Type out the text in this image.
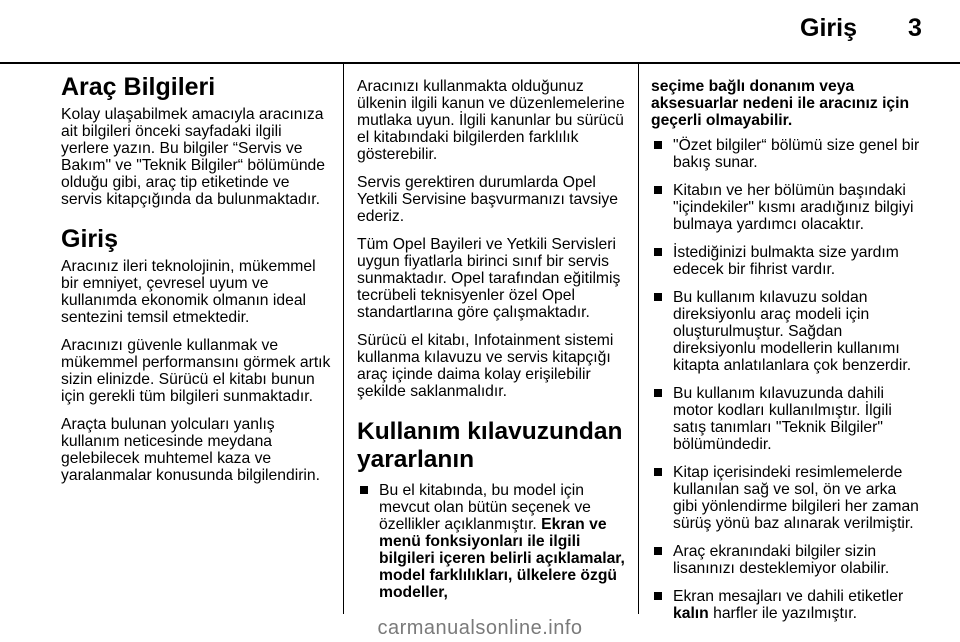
Giriş 3
Araç Bilgileri

Kolay ulaşabilmek amacıyla aracınıza ait bilgileri önceki sayfadaki ilgili yerlere yazın. Bu bilgiler “Servis ve Bakım" ve "Teknik Bilgiler“ bölümünde olduğu gibi, araç tip etiketinde ve servis kitapçığında da bulunmaktadır.

Giriş

Aracınız ileri teknolojinin, mükemmel bir emniyet, çevresel uyum ve kullanımda ekonomik olmanın ideal sentezini temsil etmektedir.

Aracınızı güvenle kullanmak ve mükemmel performansını görmek artık sizin elinizde. Sürücü el kitabı bunun için gerekli tüm bilgileri sunmaktadır.

Araçta bulunan yolcuları yanlış kullanım neticesinde meydana gelebilecek muhtemel kaza ve yaralanmalar konusunda bilgilendirin.

Aracınızı kullanmakta olduğunuz ülkenin ilgili kanun ve düzenlemelerine mutlaka uyun. İlgili kanunlar bu sürücü el kitabındaki bilgilerden farklılık gösterebilir.

Servis gerektiren durumlarda Opel Yetkili Servisine başvurmanızı tavsiye ederiz.

Tüm Opel Bayileri ve Yetkili Servisleri uygun fiyatlarla birinci sınıf bir servis sunmaktadır. Opel tarafından eğitilmiş tecrübeli teknisyenler özel Opel standartlarına göre çalışmaktadır.

Sürücü el kitabı, Infotainment sistemi kullanma kılavuzu ve servis kitapçığı araç içinde daima kolay erişilebilir şekilde saklanmalıdır.

Kullanım kılavuzundan yararlanın
Bu el kitabında, bu model için mevcut olan bütün seçenek ve özellikler açıklanmıştır. Ekran ve menü fonksiyonları ile ilgili bilgileri içeren belirli açıklamalar, model farklılıkları, ülkelere özgü modeller,

seçime bağlı donanım veya aksesuarlar nedeni ile aracınız için geçerli olmayabilir.

"Özet bilgiler“ bölümü size genel bir bakış sunar.
Kitabın ve her bölümün başındaki "içindekiler" kısmı aradığınız bilgiyi bulmaya yardımcı olacaktır.
İstediğinizi bulmakta size yardım edecek bir fihrist vardır.
Bu kullanım kılavuzu soldan direksiyonlu araç modeli için oluşturulmuştur. Sağdan direksiyonlu modellerin kullanımı kitapta anlatılanlara çok benzerdir.
Bu kullanım kılavuzunda dahili motor kodları kullanılmıştır. İlgili satış tanımları "Teknik Bilgiler" bölümündedir.
Kitap içerisindeki resimlemelerde kullanılan sağ ve sol, ön ve arka gibi yönlendirme bilgileri her zaman sürüş yönü baz alınarak verilmiştir.
Araç ekranındaki bilgiler sizin lisanınızı desteklemiyor olabilir.
Ekran mesajları ve dahili etiketler kalın harfler ile yazılmıştır.
carmanualsonline.info
